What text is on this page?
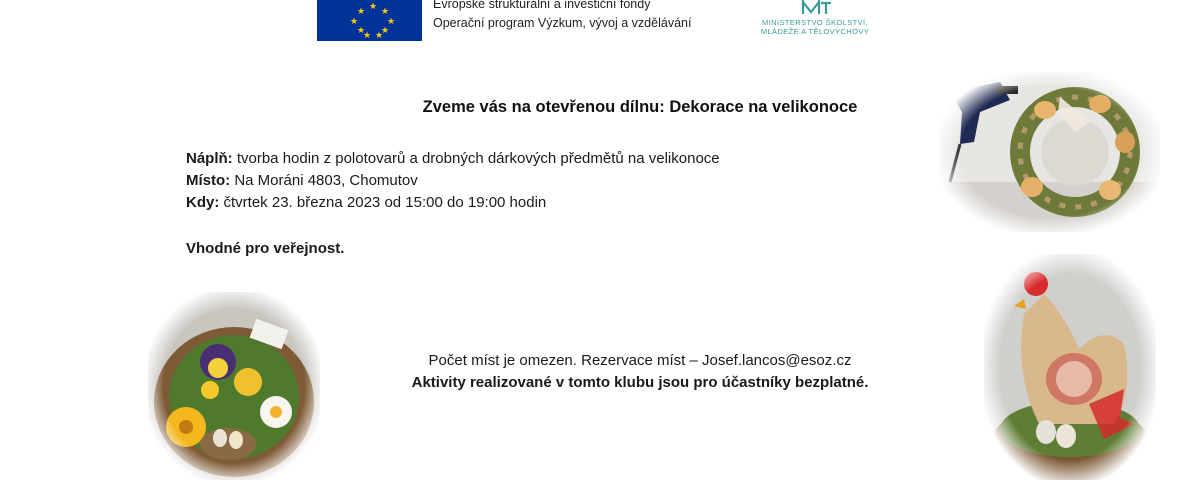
★ ★ ★
★	★
★ ★
★ ★
Evropské strukturální a investiční fondy
Operační program Výzkum, vývoj a vzdělávání	MINISTERSTVO ŠKOLSTVÍ,
MLÁDEŽE A TĚLOVÝCHOVY
Zveme vás na otevřenou dílnu: Dekorace na velikonoce
Náplň: tvorba hodin z polotovarů a drobných dárkových předmětů na velikonoce
Místo: Na Moráni 4803, Chomutov
Kdy: čtvrtek 23. března 2023 od 15:00 do 19:00 hodin
Vhodné pro veřejnost.
Počet míst je omezen. Rezervace míst – Josef.lancos@esoz.cz
Aktivity realizované v tomto klubu jsou pro účastníky bezplatné.
